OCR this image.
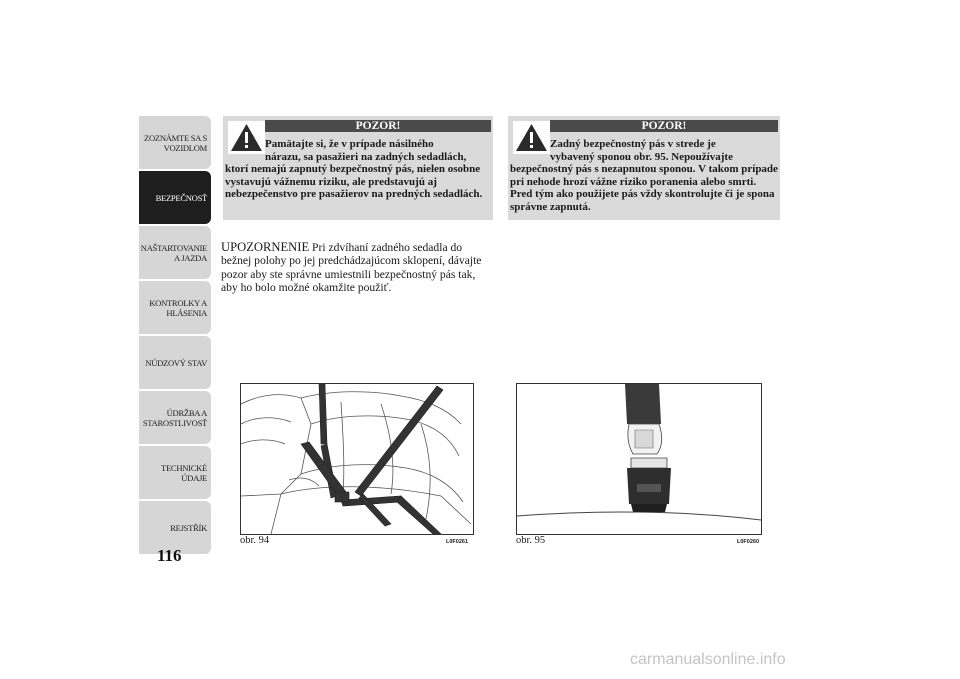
ZOZNÁMTE SA S
VOZIDLOM
BEZPEČNOSŤ
NAŠTARTOVANIE
A JAZDA
KONTROLKY A
HLÁSENIA
NÚDZOVÝ STAV
ÚDRŽBA A
STAROSTLIVOSŤ
TECHNICKÉ
ÚDAJE
REJSTŘÍK
116
POZOR!
Pamätajte si, že v prípade násilného
nárazu, sa pasažieri na zadných sedadlách,
ktorí nemajú zapnutý bezpečnostný pás, nielen osobne vystavujú vážnemu riziku, ale predstavujú aj nebezpečenstvo pre pasažierov na predných sedadlách.
POZOR!
Zadný bezpečnostný pás v strede je
vybavený sponou obr. 95. Nepoužívajte
bezpečnostný pás s nezapnutou sponou. V takom prípade pri nehode hrozí vážne riziko poranenia alebo smrti. Pred tým ako použijete pás vždy skontrolujte či je spona správne zapnutá.
UPOZORNENIE Pri zdvíhaní zadného sedadla do bežnej polohy po jej predchádzajúcom sklopení, dávajte pozor aby ste správne umiestnili bezpečnostný pás tak, aby ho bolo možné okamžite použiť.
obr. 94	L0F0261	obr. 95	L0F0260
carmanualsonline.info
